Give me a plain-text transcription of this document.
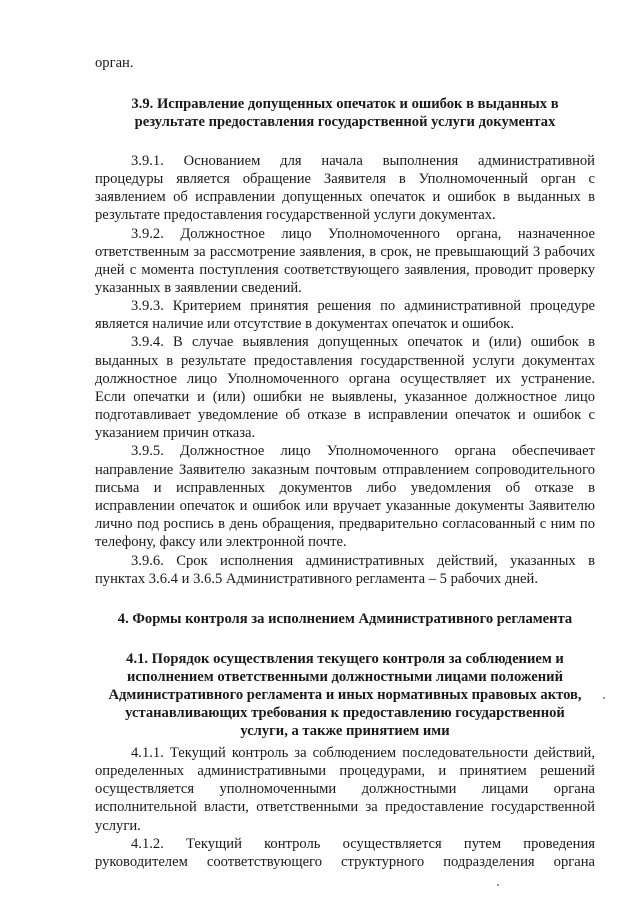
орган.
3.9. Исправление допущенных опечаток и ошибок в выданных в
результате предоставления государственной услуги документах
3.9.1. Основанием для начала выполнения административной
процедуры является обращение Заявителя в Уполномоченный орган с
заявлением об исправлении допущенных опечаток и ошибок в выданных в
результате предоставления государственной услуги документах.
3.9.2. Должностное лицо Уполномоченного органа, назначенное
ответственным за рассмотрение заявления, в срок, не превышающий 3 рабочих
дней с момента поступления соответствующего заявления, проводит проверку
указанных в заявлении сведений.
3.9.3. Критерием принятия решения по административной процедуре
является наличие или отсутствие в документах опечаток и ошибок.
3.9.4. В случае выявления допущенных опечаток и (или) ошибок в
выданных в результате предоставления государственной услуги документах
должностное лицо Уполномоченного органа осуществляет их устранение.
Если опечатки и (или) ошибки не выявлены, указанное должностное лицо
подготавливает уведомление об отказе в исправлении опечаток и ошибок с
указанием причин отказа.
3.9.5. Должностное лицо Уполномоченного органа обеспечивает
направление Заявителю заказным почтовым отправлением сопроводительного
письма и исправленных документов либо уведомления об отказе в
исправлении опечаток и ошибок или вручает указанные документы Заявителю
лично под роспись в день обращения, предварительно согласованный с ним по
телефону, факсу или электронной почте.
3.9.6. Срок исполнения административных действий, указанных в
пунктах 3.6.4 и 3.6.5 Административного регламента – 5 рабочих дней.
4. Формы контроля за исполнением Административного регламента
4.1. Порядок осуществления текущего контроля за соблюдением и
исполнением ответственными должностными лицами положений
Административного регламента и иных нормативных правовых актов,
устанавливающих требования к предоставлению государственной
услуги, а также принятием ими
4.1.1. Текущий контроль за соблюдением последовательности действий,
определенных административными процедурами, и принятием решений
осуществляется уполномоченными должностными лицами органа
исполнительной власти, ответственными за предоставление государственной
услуги.
4.1.2. Текущий контроль осуществляется путем проведения
руководителем соответствующего структурного подразделения органа
